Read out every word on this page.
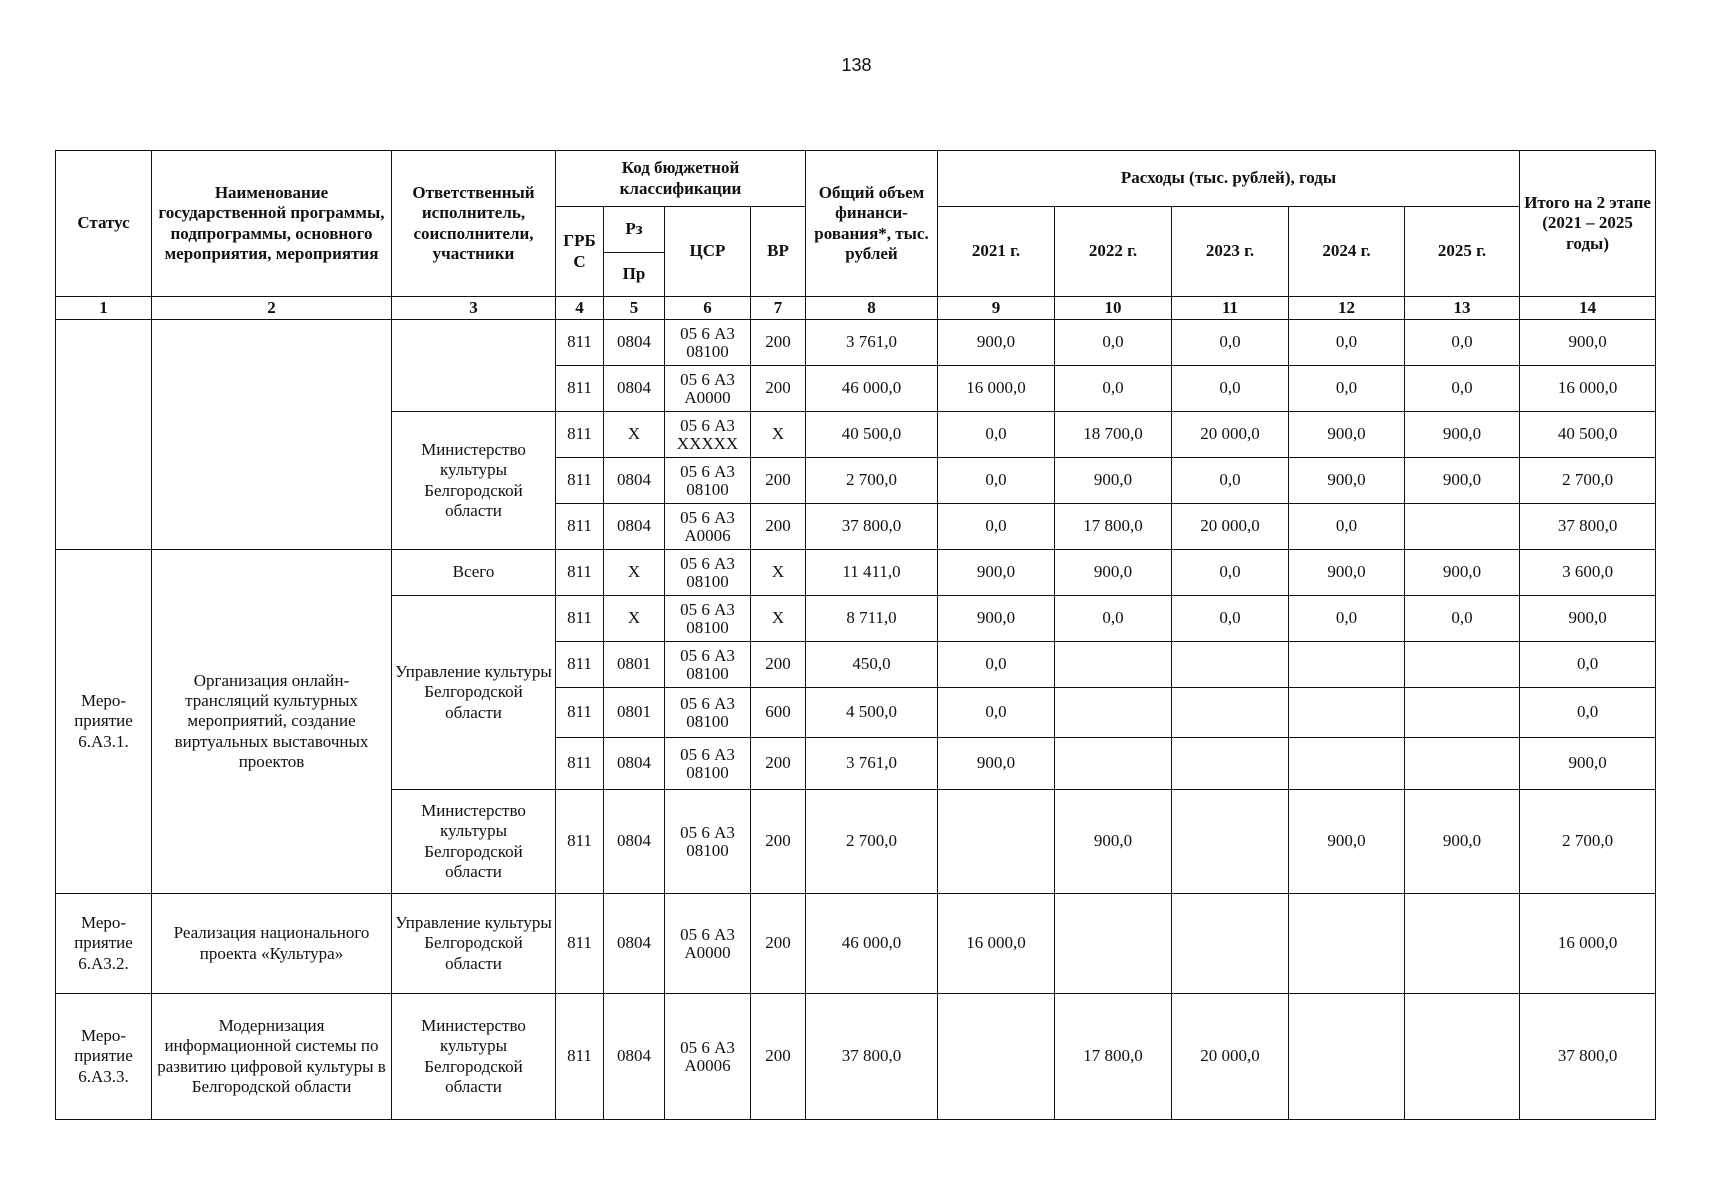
138
Статус	Наименование государственной программы, подпрограммы, основного мероприятия, мероприятия	Ответственный исполнитель, соисполнители, участники	Код бюджетной классификации				Общий объем финанси-рования*, тыс. рублей	Расходы (тыс. рублей), годы					Итого на 2 этапе (2021 – 2025 годы)
			ГРБ С	Рз	ЦСР	ВР		2021 г.	2022 г.	2023 г.	2024 г.	2025 г.	
				Пр									
1	2	3	4	5	6	7	8	9	10	11	12	13	14
			811	0804	05 6 А3 08100	200	3 761,0	900,0	0,0	0,0	0,0	0,0	900,0
			811	0804	05 6 А3 А0000	200	46 000,0	16 000,0	0,0	0,0	0,0	0,0	16 000,0
		Министерство культуры Белгородской области	811	Х	05 6 А3 ХХХХХ	Х	40 500,0	0,0	18 700,0	20 000,0	900,0	900,0	40 500,0
			811	0804	05 6 А3 08100	200	2 700,0	0,0	900,0	0,0	900,0	900,0	2 700,0
			811	0804	05 6 А3 А0006	200	37 800,0	0,0	17 800,0	20 000,0	0,0		37 800,0
Меро-приятие 6.А3.1.	Организация онлайн-трансляций культурных мероприятий, создание виртуальных выставочных проектов	Всего	811	Х	05 6 А3 08100	Х	11 411,0	900,0	900,0	0,0	900,0	900,0	3 600,0
		Управление культуры Белгородской области	811	Х	05 6 А3 08100	Х	8 711,0	900,0	0,0	0,0	0,0	0,0	900,0
			811	0801	05 6 А3 08100	200	450,0	0,0					0,0
			811	0801	05 6 А3 08100	600	4 500,0	0,0					0,0
			811	0804	05 6 А3 08100	200	3 761,0	900,0					900,0
		Министерство культуры Белгородской области	811	0804	05 6 А3 08100	200	2 700,0		900,0		900,0	900,0	2 700,0
Меро-приятие 6.А3.2.	Реализация национального проекта «Культура»	Управление культуры Белгородской области	811	0804	05 6 А3 А0000	200	46 000,0	16 000,0					16 000,0
Меро-приятие 6.А3.3.	Модернизация информационной системы по развитию цифровой культуры в Белгородской области	Министерство культуры Белгородской области	811	0804	05 6 А3 А0006	200	37 800,0		17 800,0	20 000,0			37 800,0
